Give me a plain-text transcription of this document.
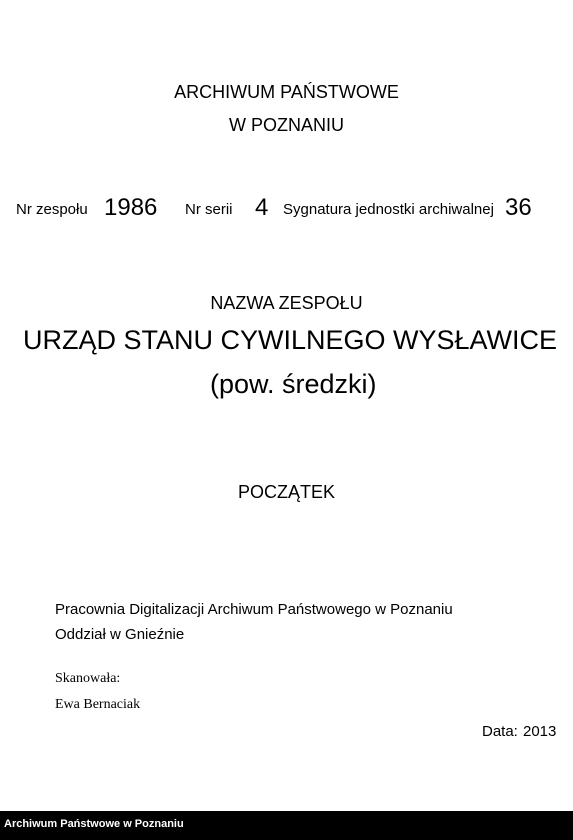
ARCHIWUM PAŃSTWOWE
W POZNANIU
Nr zespołu 1986 Nr serii 4 Sygnatura jednostki archiwalnej 36
NAZWA ZESPOŁU
URZĄD STANU CYWILNEGO WYSŁAWICE
(pow. średzki)
POCZĄTEK
Pracownia Digitalizacji Archiwum Państwowego w Poznaniu
Oddział w Gnieźnie
Skanowała:
Ewa Bernaciak
Data: 2013
Archiwum Państwowe w Poznaniu
